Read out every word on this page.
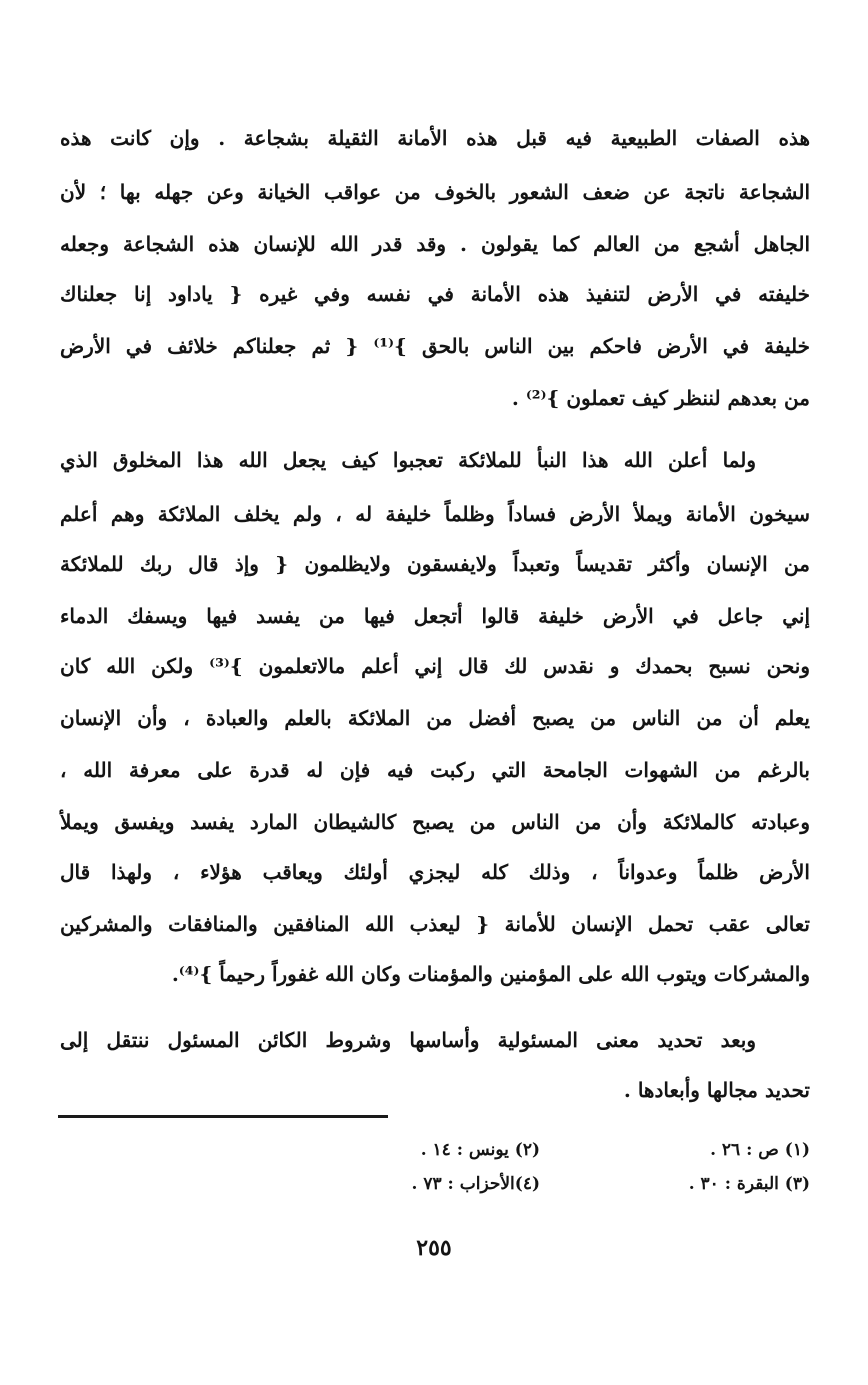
هذه الصفات الطبيعية فيه قبل هذه الأمانة الثقيلة بشجاعة . وإن كانت هذه
الشجاعة ناتجة عن ضعف الشعور بالخوف من عواقب الخيانة وعن جهله بها ؛ لأن
الجاهل أشجع من العالم كما يقولون . وقد قدر الله للإنسان هذه الشجاعة وجعله
خليفته في الأرض لتنفيذ هذه الأمانة في نفسه وفي غيره { ياداود إنا جعلناك
خليفة في الأرض فاحكم بين الناس بالحق }⁽¹⁾ { ثم جعلناكم خلائف في الأرض
من بعدهم لننظر كيف تعملون }⁽²⁾ .
ولما أعلن الله هذا النبأ للملائكة تعجبوا كيف يجعل الله هذا المخلوق الذي
سيخون الأمانة ويملأ الأرض فساداً وظلماً خليفة له ، ولم يخلف الملائكة وهم أعلم
من الإنسان وأكثر تقديساً وتعبداً ولايفسقون ولايظلمون { وإذ قال ربك للملائكة
إني جاعل في الأرض خليفة قالوا أتجعل فيها من يفسد فيها ويسفك الدماء
ونحن نسبح بحمدك و نقدس لك قال إني أعلم مالاتعلمون }⁽³⁾ ولكن الله كان
يعلم أن من الناس من يصبح أفضل من الملائكة بالعلم والعبادة ، وأن الإنسان
بالرغم من الشهوات الجامحة التي ركبت فيه فإن له قدرة على معرفة الله ،
وعبادته كالملائكة وأن من الناس من يصبح كالشيطان المارد يفسد ويفسق ويملأ
الأرض ظلماً وعدواناً ، وذلك كله ليجزي أولئك ويعاقب هؤلاء ، ولهذا قال
تعالى عقب تحمل الإنسان للأمانة { ليعذب الله المنافقين والمنافقات والمشركين
والمشركات ويتوب الله على المؤمنين والمؤمنات وكان الله غفوراً رحيماً }⁽⁴⁾.
وبعد تحديد معنى المسئولية وأساسها وشروط الكائن المسئول ننتقل إلى
تحديد مجالها وأبعادها .
(١) ص : ٢٦ .
(٢) يونس : ١٤ .
(٣) البقرة : ٣٠ .
(٤)الأحزاب : ٧٣ .
٢٥٥
